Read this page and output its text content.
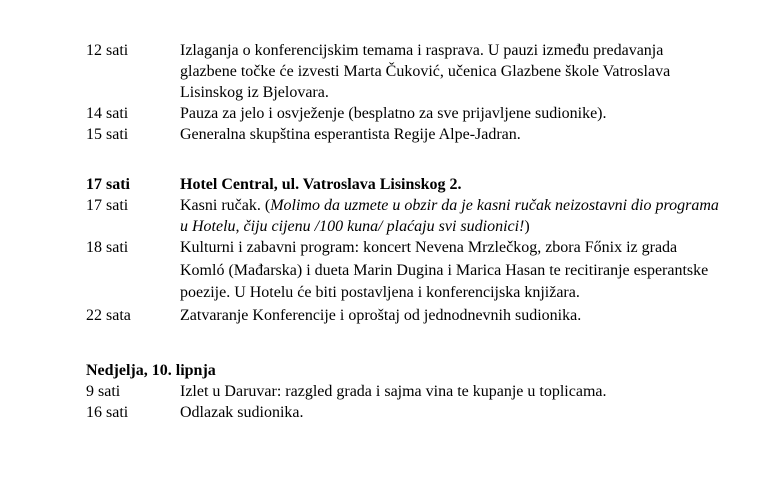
12 sati	Izlaganja o konferencijskim temama i rasprava. U pauzi između predavanja glazbene točke će izvesti Marta Čuković, učenica Glazbene škole Vatroslava Lisinskog iz Bjelovara.
14 sati	Pauza za jelo i osvježenje (besplatno za sve prijavljene sudionike).
15 sati	Generalna skupština esperantista Regije Alpe-Jadran.
17 sati	Hotel Central, ul. Vatroslava Lisinskog 2.
17 sati	Kasni ručak. (Molimo da uzmete u obzir da je kasni ručak neizostavni dio programa u Hotelu, čiju cijenu /100 kuna/ plaćaju svi sudionici!)
18 sati	Kulturni i zabavni program: koncert Nevena Mrzlečkog, zbora Főnix iz grada Komló (Mađarska) i dueta Marin Dugina i Marica Hasan te recitiranje esperantske poezije. U Hotelu će biti postavljena i konferencijska knjižara.
22 sata	Zatvaranje Konferencije i oproštaj od jednodnevnih sudionika.
Nedjelja, 10. lipnja
9 sati	Izlet u Daruvar: razgled grada i sajma vina te kupanje u toplicama.
16 sati	Odlazak sudionika.
